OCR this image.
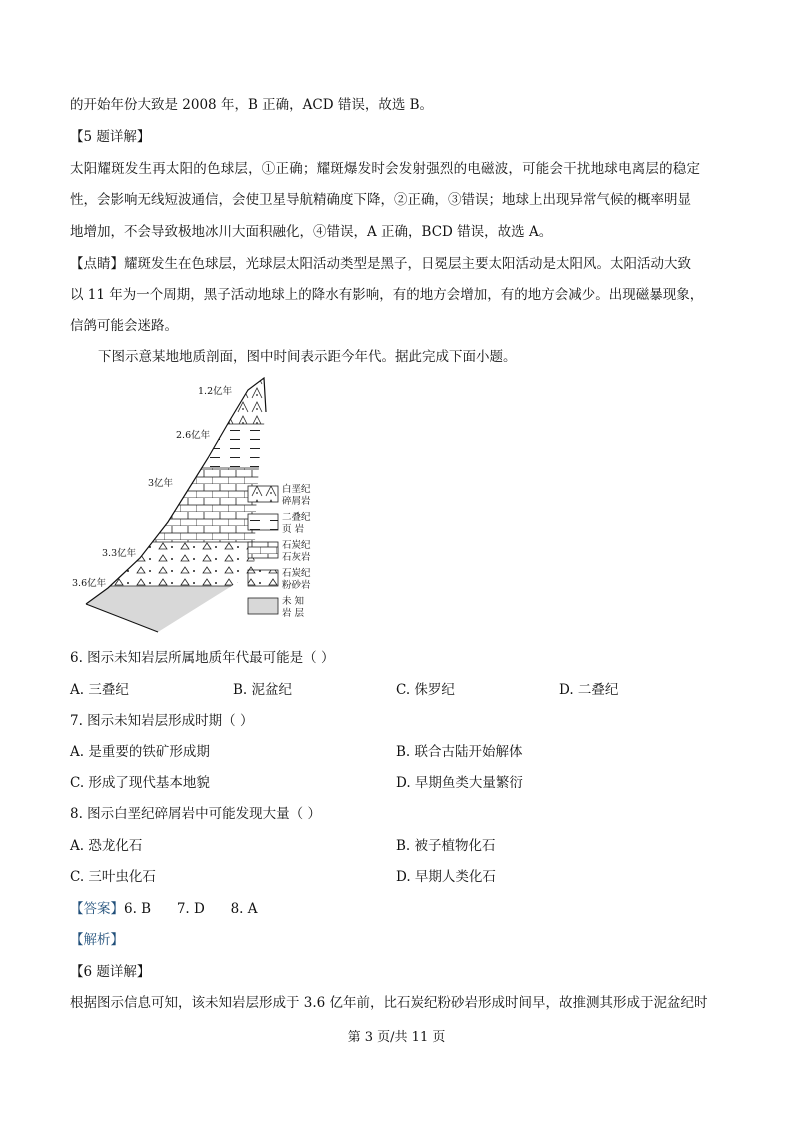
的开始年份大致是 2008 年，B 正确，ACD 错误，故选 B。
【5 题详解】
太阳耀斑发生再太阳的色球层，①正确；耀斑爆发时会发射强烈的电磁波，可能会干扰地球电离层的稳定
性，会影响无线短波通信，会使卫星导航精确度下降，②正确，③错误；地球上出现异常气候的概率明显
地增加，不会导致极地冰川大面积融化，④错误，A 正确，BCD 错误，故选 A。
【点睛】耀斑发生在色球层，光球层太阳活动类型是黑子，日冕层主要太阳活动是太阳风。太阳活动大致
以 11 年为一个周期，黑子活动地球上的降水有影响，有的地方会增加，有的地方会减少。出现磁暴现象，
信鸽可能会迷路。
下图示意某地地质剖面，图中时间表示距今年代。据此完成下面小题。
1.2亿年
2.6亿年
3亿年
3.3亿年
3.6亿年
白垩纪
碎屑岩
二叠纪
页 岩
石炭纪
石灰岩
石炭纪
粉砂岩
未 知
岩 层
6. 图示未知岩层所属地质年代最可能是（ ）
A. 三叠纪	B. 泥盆纪	C. 侏罗纪	D. 二叠纪
7. 图示未知岩层形成时期（ ）
A. 是重要的铁矿形成期	B. 联合古陆开始解体
C. 形成了现代基本地貌	D. 早期鱼类大量繁衍
8. 图示白垩纪碎屑岩中可能发现大量（ ）
A. 恐龙化石	B. 被子植物化石
C. 三叶虫化石	D. 早期人类化石
【答案】6. B      7. D      8. A
【解析】
【6 题详解】
根据图示信息可知，该未知岩层形成于 3.6 亿年前，比石炭纪粉砂岩形成时间早，故推测其形成于泥盆纪时
第 3 页/共 11 页
